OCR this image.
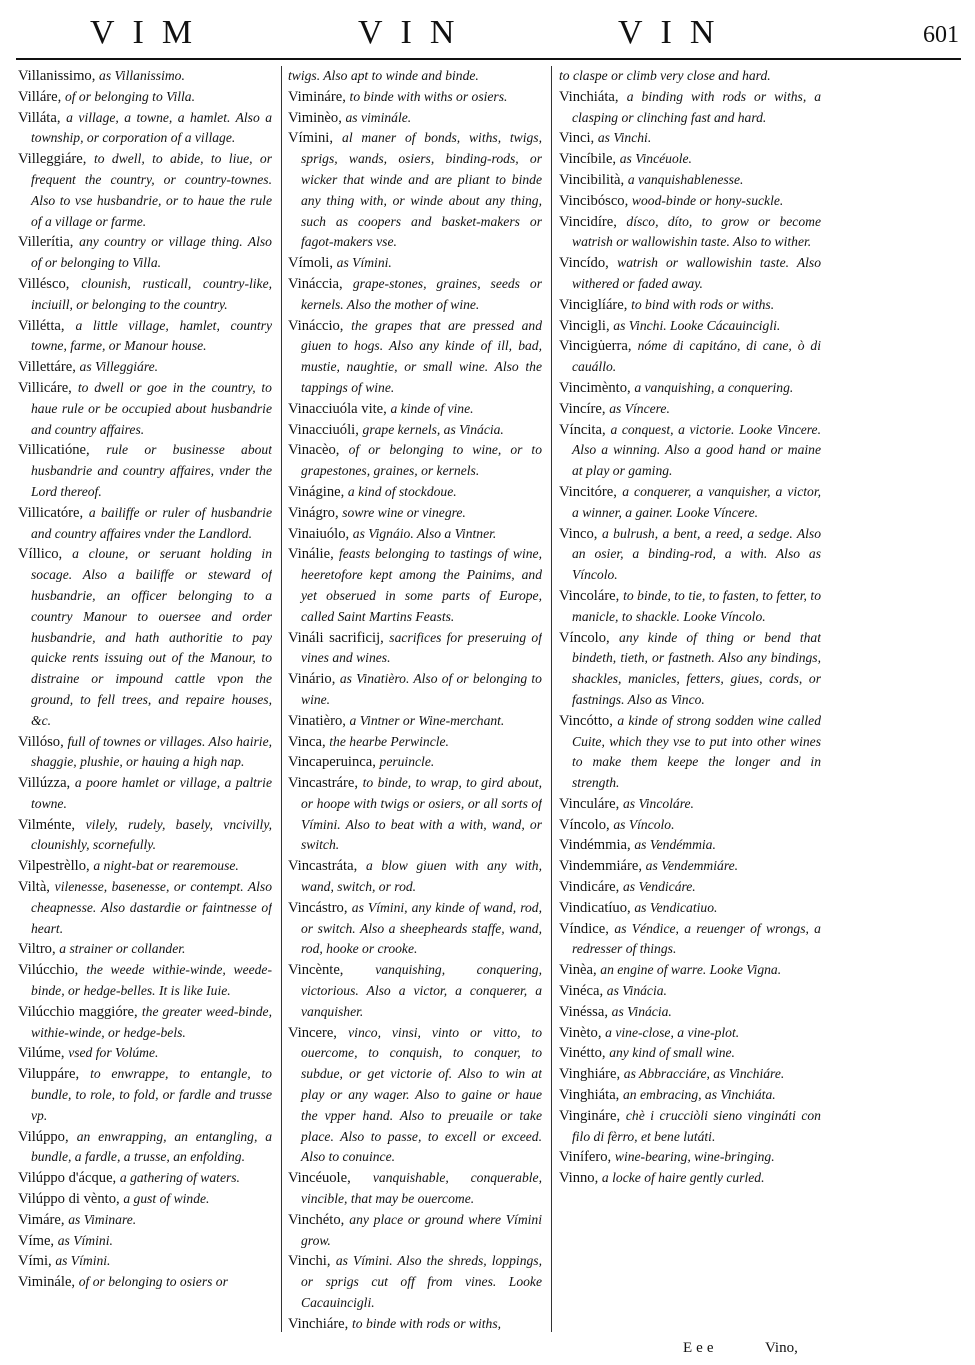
VIM	VIN	VIN	601
Villanissimo, as Villanissimo.
Villáre, of or belonging to Villa.
Villáta, a village, a towne, a hamlet. Also a township, or corporation of a village.
Villeggiáre, to dwell, to abide, to liue, or frequent the country, or country-townes. Also to vse husbandrie, or to haue the rule of a village or farme.
Villerítia, any country or village thing. Also of or belonging to Villa.
Villésco, clounish, rusticall, country-like, inciuill, or belonging to the country.
Villétta, a little village, hamlet, country towne, farme, or Manour house.
Villettáre, as Villeggiáre.
Villicáre, to dwell or goe in the country, to haue rule or be occupied about husbandrie and country affaires.
Villicatióne, rule or businesse about husbandrie and country affaires, vnder the Lord thereof.
Villicatóre, a bailiffe or ruler of husbandrie and country affaires vnder the Landlord.
Víllico, a cloune, or seruant holding in socage. Also a bailiffe or steward of husbandrie, an officer belonging to a country Manour to ouersee and order husbandrie, and hath authoritie to pay quicke rents issuing out of the Manour, to distraine or impound cattle vpon the ground, to fell trees, and repaire houses, &c.
Villóso, full of townes or villages. Also hairie, shaggie, plushie, or hauing a high nap.
Villúzza, a poore hamlet or village, a paltrie towne.
Vilménte, vilely, rudely, basely, vncivilly, clounishly, scornefully.
Vilpestrèllo, a night-bat or rearemouse.
Viltà, vilenesse, basenesse, or contempt. Also cheapnesse. Also dastardie or faintnesse of heart.
Viltro, a strainer or collander.
Vilúcchio, the weede withie-winde, weede-binde, or hedge-belles. It is like Iuie.
Vilúcchio maggióre, the greater weed-binde, withie-winde, or hedge-bels.
Vilúme, vsed for Volúme.
Viluppáre, to enwrappe, to entangle, to bundle, to role, to fold, or fardle and trusse vp.
Vilúppo, an enwrapping, an entangling, a bundle, a fardle, a trusse, an enfolding.
Vilúppo d'ácque, a gathering of waters.
Vilúppo di vènto, a gust of winde.
Vimáre, as Viminare.
Víme, as Vímini.
Vími, as Vímini.
Viminále, of or belonging to osiers or
twigs. Also apt to winde and binde.
Vimináre, to binde with withs or osiers.
Viminèo, as viminále.
Vímini, al maner of bonds, withs, twigs, sprigs, wands, osiers, binding-rods, or wicker that winde and are pliant to binde any thing with, or winde about any thing, such as coopers and basket-makers or fagot-makers vse.
Vímoli, as Vímini.
Vináccia, grape-stones, graines, seeds or kernels. Also the mother of wine.
Vináccio, the grapes that are pressed and giuen to hogs. Also any kinde of ill, bad, mustie, naughtie, or small wine. Also the tappings of wine.
Vinacciuóla vite, a kinde of vine.
Vinacciuóli, grape kernels, as Vinácia.
Vinacèo, of or belonging to wine, or to grapestones, graines, or kernels.
Vinágine, a kind of stockdoue.
Vinágro, sowre wine or vinegre.
Vinaiuólo, as Vignáio. Also a Vintner.
Vinálie, feasts belonging to tastings of wine, heeretofore kept among the Painims, and yet obserued in some parts of Europe, called Saint Martins Feasts.
Vináli sacrificij, sacrifices for preseruing of vines and wines.
Vinário, as Vinatièro. Also of or belonging to wine.
Vinatièro, a Vintner or Wine-merchant.
Vinca, the hearbe Perwincle.
Vincaperuinca, peruincle.
Vincastráre, to binde, to wrap, to gird about, or hoope with twigs or osiers, or all sorts of Vímini. Also to beat with a with, wand, or switch.
Vincastráta, a blow giuen with any with, wand, switch, or rod.
Vincástro, as Vímini, any kinde of wand, rod, or switch. Also a sheepheards staffe, wand, rod, hooke or crooke.
Vincènte, vanquishing, conquering, victorious. Also a victor, a conquerer, a vanquisher.
Vincere, vinco, vinsi, vinto or vitto, to ouercome, to conquish, to conquer, to subdue, or get victorie of. Also to win at play or any wager. Also to gaine or haue the vpper hand. Also to preuaile or take place. Also to passe, to excell or exceed. Also to conuince.
Vincéuole, vanquishable, conquerable, vincible, that may be ouercome.
Vinchéto, any place or ground where Vímini grow.
Vinchi, as Vímini. Also the shreds, loppings, or sprigs cut off from vines. Looke Cacauincigli.
Vinchiáre, to binde with rods or withs,
to claspe or climb very close and hard.
Vinchiáta, a binding with rods or withs, a clasping or clinching fast and hard.
Vinci, as Vinchi.
Vincíbile, as Vincéuole.
Vincibilità, a vanquishablenesse.
Vincibósco, wood-binde or hony-suckle.
Vincidíre, dísco, díto, to grow or become watrish or wallowishin taste. Also to wither.
Vincído, watrish or wallowishin taste. Also withered or faded away.
Vinciglíáre, to bind with rods or withs.
Vincigli, as Vinchi. Looke Cácauincigli.
Vincigu̇erra, nóme di capitáno, di cane, ò di cauállo.
Vincimènto, a vanquishing, a conquering.
Vincíre, as Víncere.
Víncita, a conquest, a victorie. Looke Vincere. Also a winning. Also a good hand or maine at play or gaming.
Vincitóre, a conquerer, a vanquisher, a victor, a winner, a gainer. Looke Víncere.
Vinco, a bulrush, a bent, a reed, a sedge. Also an osier, a binding-rod, a with. Also as Víncolo.
Vincoláre, to binde, to tie, to fasten, to fetter, to manicle, to shackle. Looke Víncolo.
Víncolo, any kinde of thing or bend that bindeth, tieth, or fastneth. Also any bindings, shackles, manicles, fetters, giues, cords, or fastnings. Also as Vinco.
Vincótto, a kinde of strong sodden wine called Cuite, which they vse to put into other wines to make them keepe the longer and in strength.
Vinculáre, as Vincoláre.
Víncolo, as Víncolo.
Vindémmia, as Vendémmia.
Vindemmiáre, as Vendemmiáre.
Vindicáre, as Vendicáre.
Vindicatíuo, as Vendicatiuo.
Víndice, as Véndice, a reuenger of wrongs, a redresser of things.
Vinèa, an engine of warre. Looke Vigna.
Vinéca, as Vinácia.
Vinéssa, as Vinácia.
Vinèto, a vine-close, a vine-plot.
Vinétto, any kind of small wine.
Vinghiáre, as Abbracciáre, as Vinchiáre.
Vinghiáta, an embracing, as Vinchiáta.
Vingináre, chè i crucciòli sieno vingináti con filo di fèrro, et bene lutáti.
Vinífero, wine-bearing, wine-bringing.
Vinno, a locke of haire gently curled.
Eee	Vino,
